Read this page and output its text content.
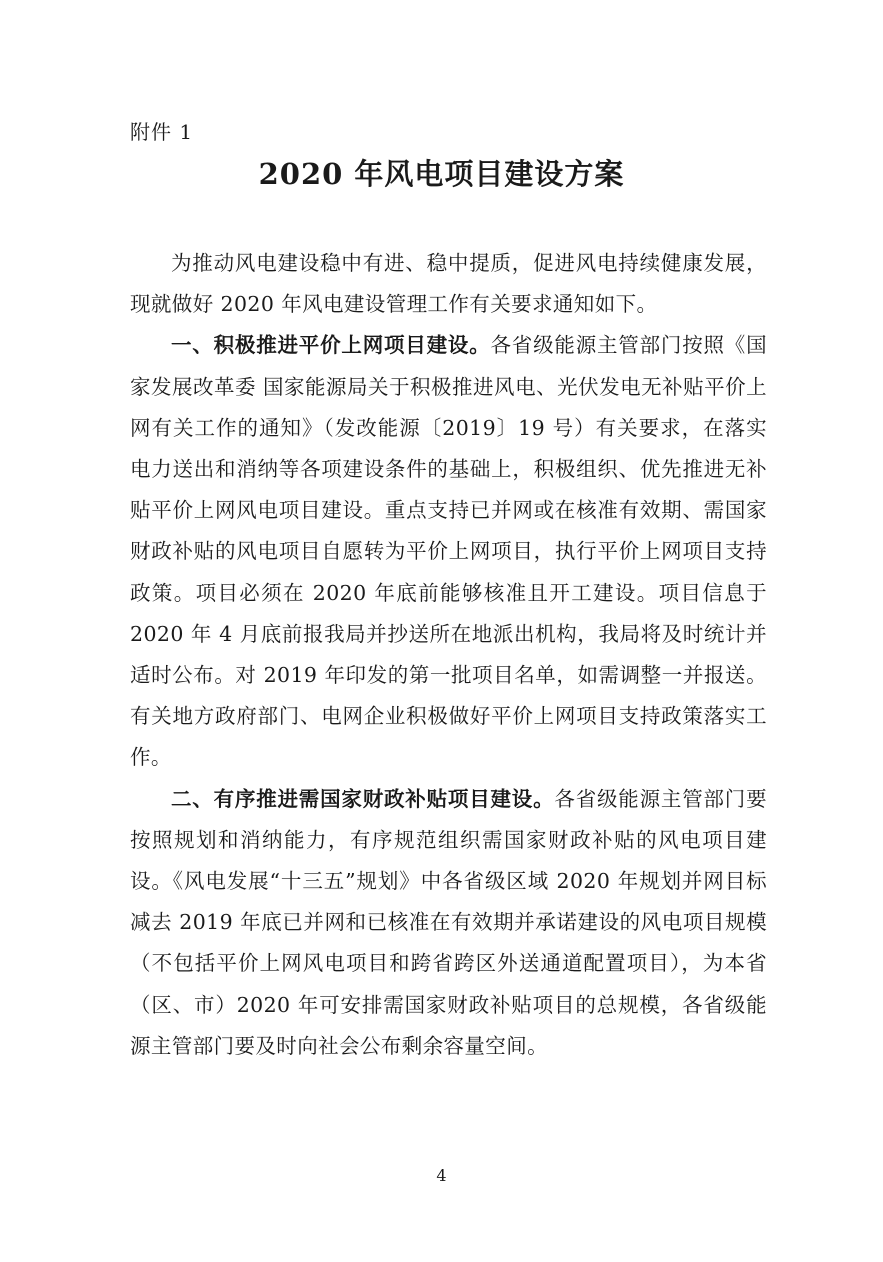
附件 1
2020 年风电项目建设方案

为推动风电建设稳中有进、稳中提质，促进风电持续健康发展，现就做好 2020 年风电建设管理工作有关要求通知如下。

一、积极推进平价上网项目建设。各省级能源主管部门按照《国家发展改革委 国家能源局关于积极推进风电、光伏发电无补贴平价上网有关工作的通知》（发改能源〔2019〕19 号）有关要求，在落实电力送出和消纳等各项建设条件的基础上，积极组织、优先推进无补贴平价上网风电项目建设。重点支持已并网或在核准有效期、需国家财政补贴的风电项目自愿转为平价上网项目，执行平价上网项目支持政策。项目必须在 2020 年底前能够核准且开工建设。项目信息于 2020 年 4 月底前报我局并抄送所在地派出机构，我局将及时统计并适时公布。对 2019 年印发的第一批项目名单，如需调整一并报送。有关地方政府部门、电网企业积极做好平价上网项目支持政策落实工作。

二、有序推进需国家财政补贴项目建设。各省级能源主管部门要按照规划和消纳能力，有序规范组织需国家财政补贴的风电项目建设。《风电发展“十三五”规划》中各省级区域 2020 年规划并网目标减去 2019 年底已并网和已核准在有效期并承诺建设的风电项目规模（不包括平价上网风电项目和跨省跨区外送通道配置项目），为本省（区、市）2020 年可安排需国家财政补贴项目的总规模，各省级能源主管部门要及时向社会公布剩余容量空间。

4
